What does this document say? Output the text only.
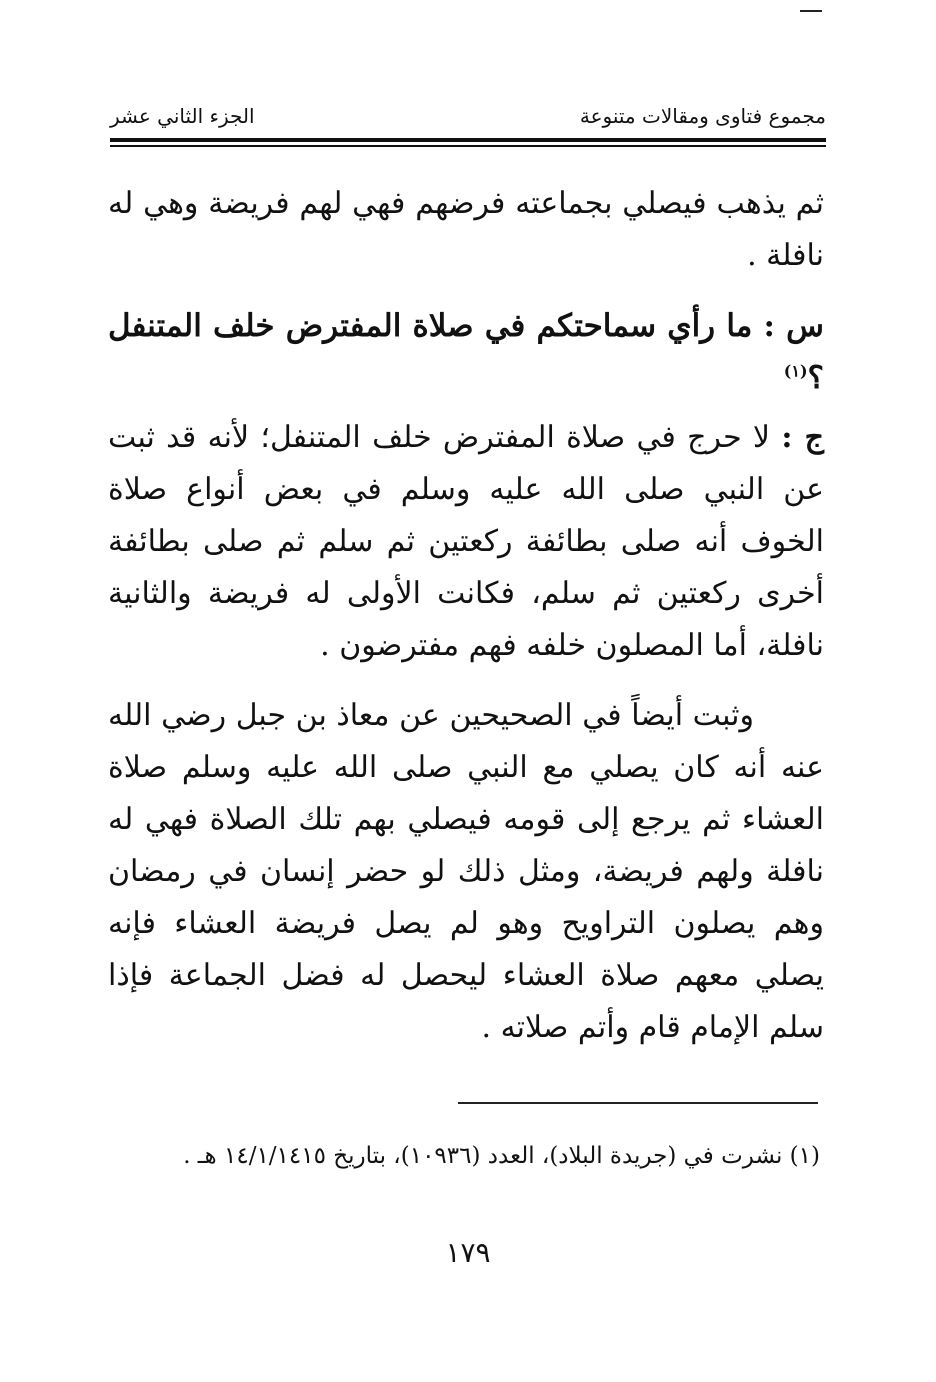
مجموع فتاوى ومقالات متنوعة
الجزء الثاني عشر

ثم يذهب فيصلي بجماعته فرضهم فهي لهم فريضة وهي له نافلة .

س : ما رأي سماحتكم في صلاة المفترض خلف المتنفل ؟$^{(١)}$

ج : لا حرج في صلاة المفترض خلف المتنفل؛ لأنه قد ثبت عن النبي صلى الله عليه وسلم في بعض أنواع صلاة الخوف أنه صلى بطائفة ركعتين ثم سلم ثم صلى بطائفة أخرى ركعتين ثم سلم، فكانت الأولى له فريضة والثانية نافلة، أما المصلون خلفه فهم مفترضون .

وثبت أيضاً في الصحيحين عن معاذ بن جبل رضي الله عنه أنه كان يصلي مع النبي صلى الله عليه وسلم صلاة العشاء ثم يرجع إلى قومه فيصلي بهم تلك الصلاة فهي له نافلة ولهم فريضة، ومثل ذلك لو حضر إنسان في رمضان وهم يصلون التراويح وهو لم يصل فريضة العشاء فإنه يصلي معهم صلاة العشاء ليحصل له فضل الجماعة فإذا سلم الإمام قام وأتم صلاته .

(١) نشرت في (جريدة البلاد)، العدد (١٠٩٣٦)، بتاريخ ١٤/١/١٤١٥ هـ .
١٧٩
